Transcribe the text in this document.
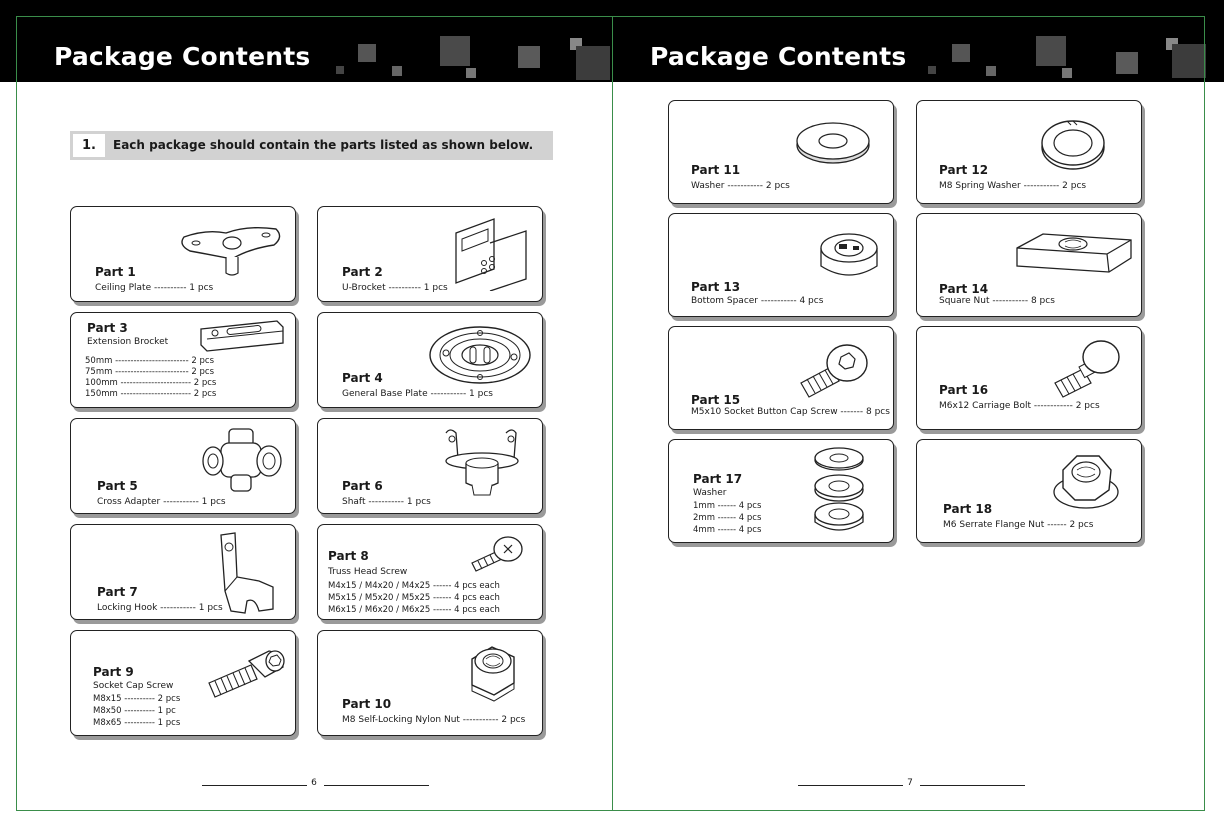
Package Contents
1.	Each package should contain the parts listed as shown below.
Part 1
Ceiling Plate ---------- 1 pcs
Part 2
U-Brocket ---------- 1 pcs
Part 3
Extension Brocket
50mm ------------------------ 2 pcs
75mm ------------------------ 2 pcs
100mm ----------------------- 2 pcs
150mm ----------------------- 2 pcs
Part 4
General Base Plate ----------- 1 pcs
Part 5
Cross Adapter ----------- 1 pcs
Part 6
Shaft ----------- 1 pcs
Part 7
Locking Hook ----------- 1 pcs
Part 8
Truss Head Screw
M4x15 / M4x20 / M4x25 ------ 4 pcs each
M5x15 / M5x20 / M5x25 ------ 4 pcs each
M6x15 / M6x20 / M6x25 ------ 4 pcs each
Part 9
Socket Cap Screw
M8x15 ---------- 2 pcs
M8x50 ---------- 1 pc
M8x65 ---------- 1 pcs
Part 10
M8 Self-Locking Nylon Nut ----------- 2 pcs
6
Package Contents
Part 11
Washer ----------- 2 pcs
Part 12
M8 Spring Washer ----------- 2 pcs
Part 13
Bottom Spacer ----------- 4 pcs
Part 14
Square Nut ----------- 8 pcs
Part 15
M5x10 Socket Button Cap Screw ------- 8 pcs
Part 16
M6x12 Carriage Bolt ------------ 2 pcs
Part 17
Washer
1mm ------ 4 pcs
2mm ------ 4 pcs
4mm ------ 4 pcs
Part 18
M6 Serrate Flange Nut ------ 2 pcs
7
